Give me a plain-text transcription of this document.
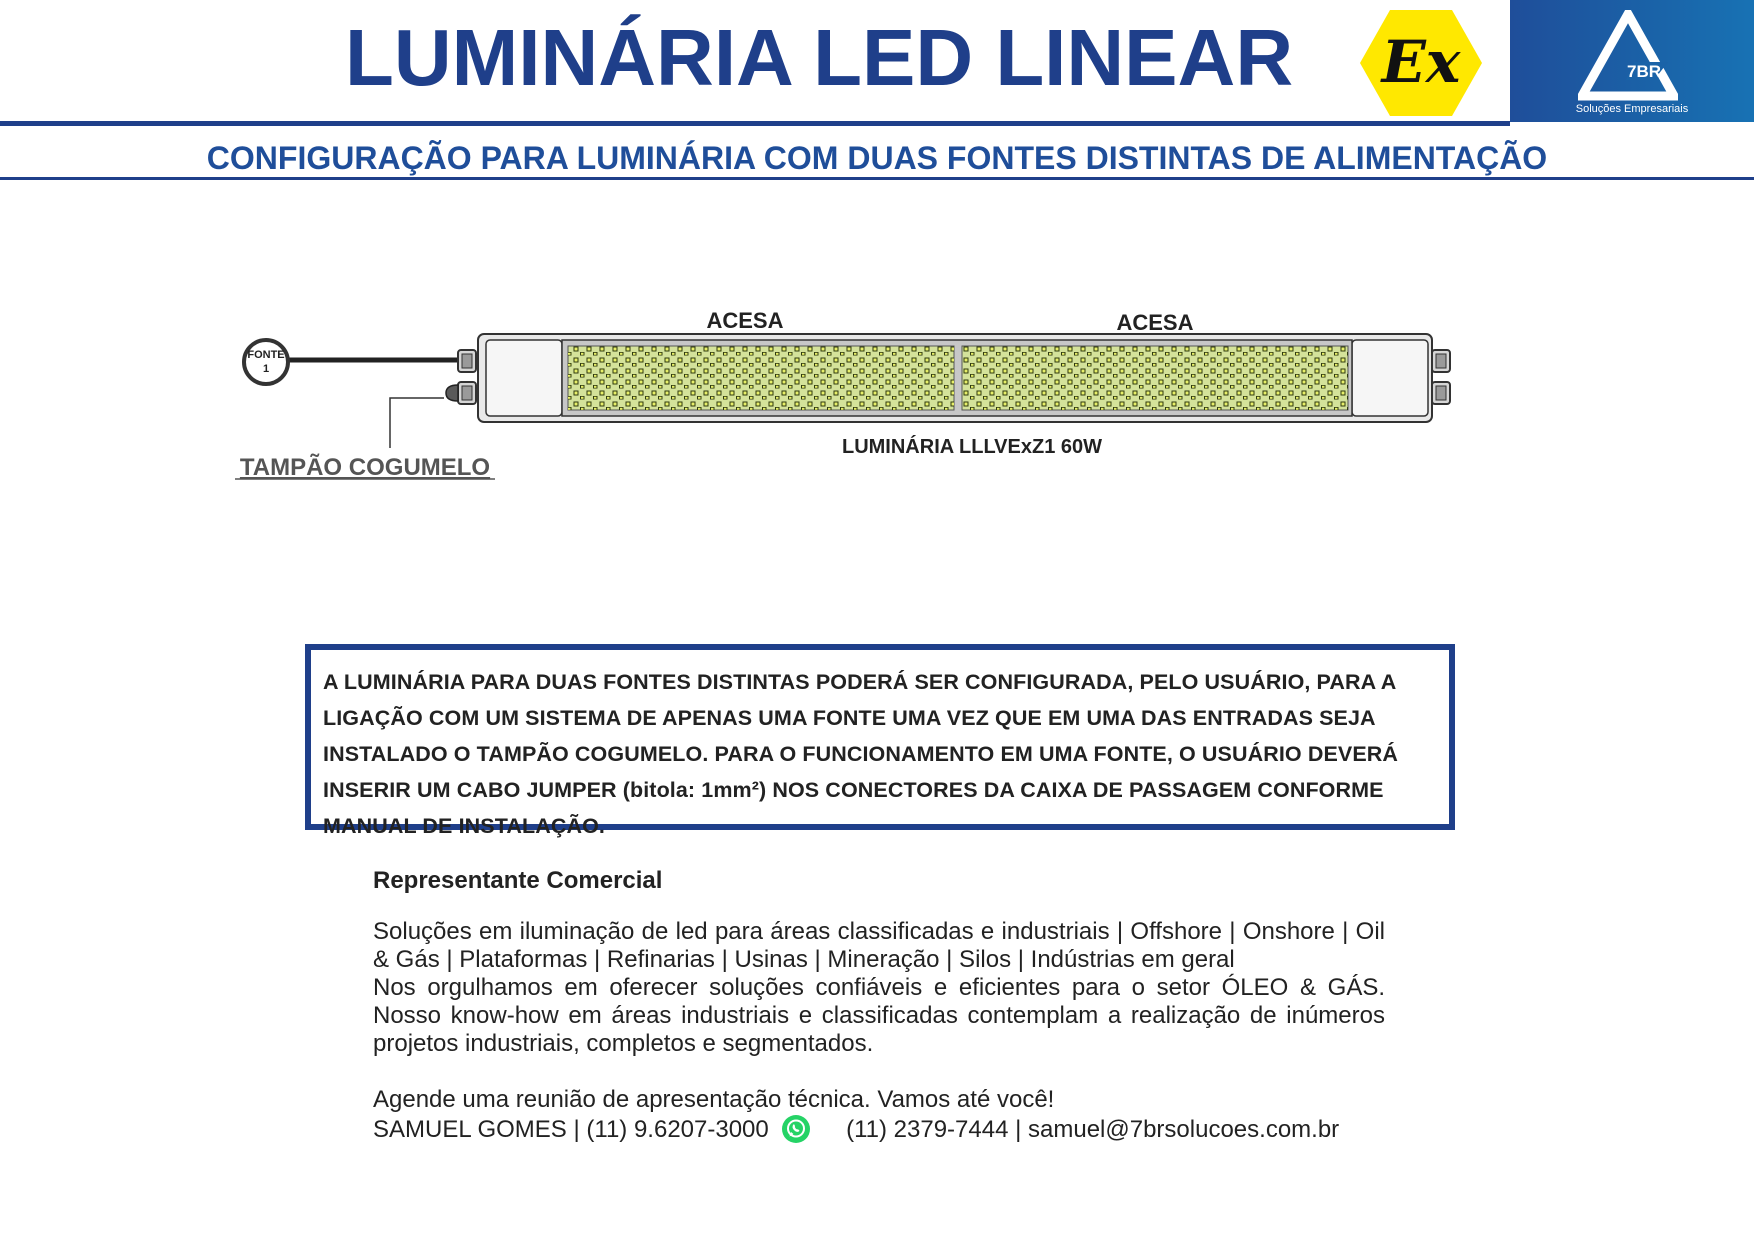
LUMINÁRIA LED LINEAR Ex	7BR
Soluções Empresariais
CONFIGURAÇÃO PARA LUMINÁRIA COM DUAS FONTES DISTINTAS DE ALIMENTAÇÃO
FONTE
1
ACESA	ACESA
LUMINÁRIA LLLVExZ1 60W
TAMPÃO COGUMELO

A LUMINÁRIA PARA DUAS FONTES DISTINTAS PODERÁ SER CONFIGURADA, PELO USUÁRIO, PARA A LIGAÇÃO COM UM SISTEMA DE APENAS UMA FONTE UMA VEZ QUE EM UMA DAS ENTRADAS SEJA INSTALADO O TAMPÃO COGUMELO. PARA O FUNCIONAMENTO EM UMA FONTE, O USUÁRIO DEVERÁ INSERIR UM CABO JUMPER (bitola: 1mm²) NOS CONECTORES DA CAIXA DE PASSAGEM CONFORME MANUAL DE INSTALAÇÃO.

Representante Comercial

Soluções em iluminação de led para áreas classificadas e industriais | Offshore | Onshore | Oil & Gás | Plataformas | Refinarias | Usinas | Mineração | Silos | Indústrias em geral

Nos orgulhamos em oferecer soluções confiáveis e eficientes para o setor ÓLEO & GÁS. Nosso know-how em áreas industriais e classificadas contemplam a realização de inúmeros projetos industriais, completos e segmentados.

Agende uma reunião de apresentação técnica. Vamos até você!

SAMUEL GOMES | (11) 9.6207-3000	(11) 2379-7444 | samuel@7brsolucoes.com.br
